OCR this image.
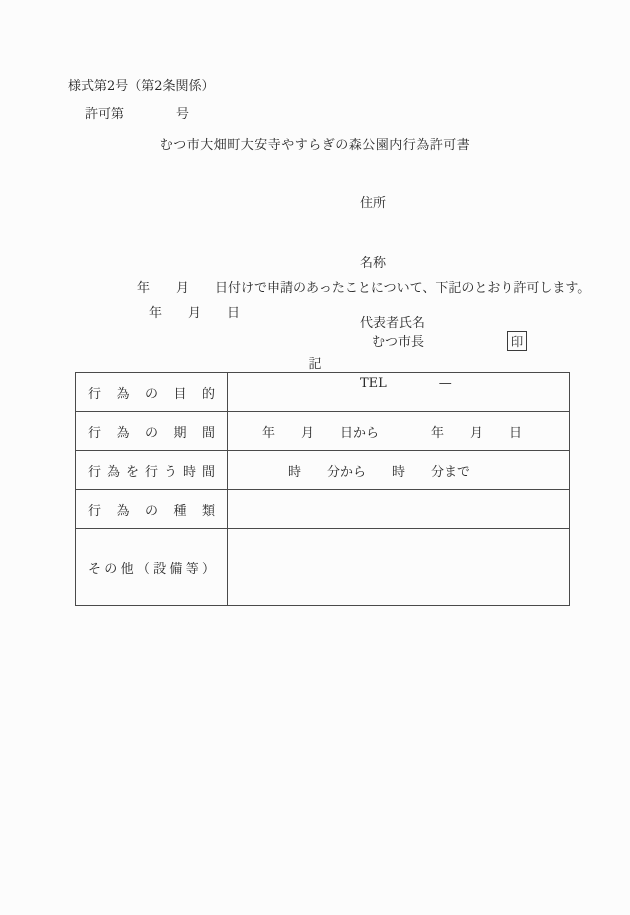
様式第2号（第2条関係）
許可第　　　　号
むつ市大畑町大安寺やすらぎの森公園内行為許可書

住所

名称

代表者氏名

TEL　　　　—

年　　月　　日付けで申請のあったことについて、下記のとおり許可します。
年　　月　　日
むつ市長	印
記
行為の目的	
行為の期間	　　年　　月　　日から　　　　年　　月　　日
行為を行う時間	　　　　時　　分から　　時　　分まで
行為の種類	
その他（設備等）	
